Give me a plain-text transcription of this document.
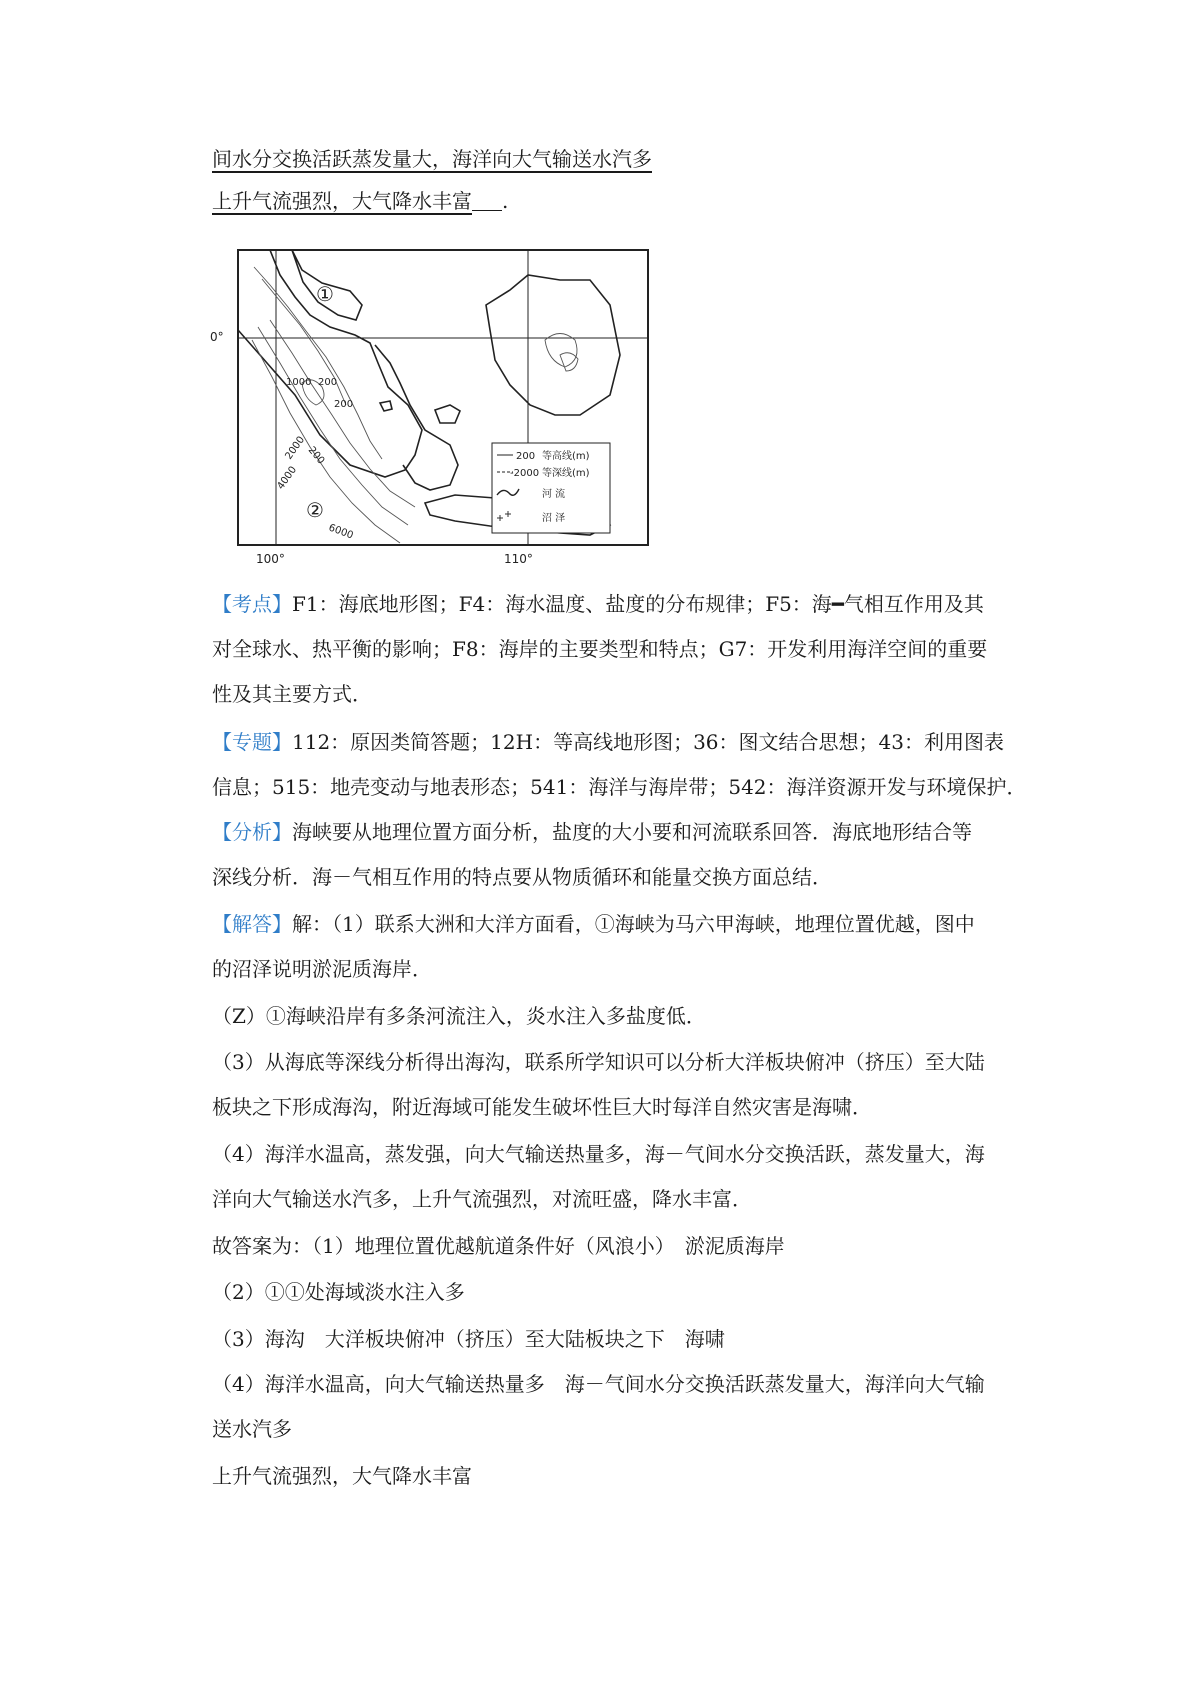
间水分交换活跃蒸发量大，海洋向大气输送水汽多
上升气流强烈，大气降水丰富 .
0°
100°	110°
①
②
200
1000
200
200
2000
4000
6000
200 等高线(m)
-2000 等深线(m)
河 流
沼 泽
【考点】F1：海底地形图；F4：海水温度、盐度的分布规律；F5：海━气相互作用及其
对全球水、热平衡的影响；F8：海岸的主要类型和特点；G7：开发利用海洋空间的重要
性及其主要方式．
【专题】112：原因类简答题；12H：等高线地形图；36：图文结合思想；43：利用图表
信息；515：地壳变动与地表形态；541：海洋与海岸带；542：海洋资源开发与环境保护．
【分析】海峡要从地理位置方面分析，盐度的大小要和河流联系回答．海底地形结合等
深线分析．海－气相互作用的特点要从物质循环和能量交换方面总结．
【解答】解：（1）联系大洲和大洋方面看，①海峡为马六甲海峡，地理位置优越，图中
的沼泽说明淤泥质海岸．
（Z）①海峡沿岸有多条河流注入，炎水注入多盐度低．
（3）从海底等深线分析得出海沟，联系所学知识可以分析大洋板块俯冲（挤压）至大陆
板块之下形成海沟，附近海域可能发生破坏性巨大时每洋自然灾害是海啸．
（4）海洋水温高，蒸发强，向大气输送热量多，海－气间水分交换活跃，蒸发量大，海
洋向大气输送水汽多，上升气流强烈，对流旺盛，降水丰富．
故答案为：（1）地理位置优越航道条件好（风浪小）　淤泥质海岸
（2）①①处海域淡水注入多
（3）海沟　大洋板块俯冲（挤压）至大陆板块之下　海啸
（4）海洋水温高，向大气输送热量多　海－气间水分交换活跃蒸发量大，海洋向大气输
送水汽多
上升气流强烈，大气降水丰富
